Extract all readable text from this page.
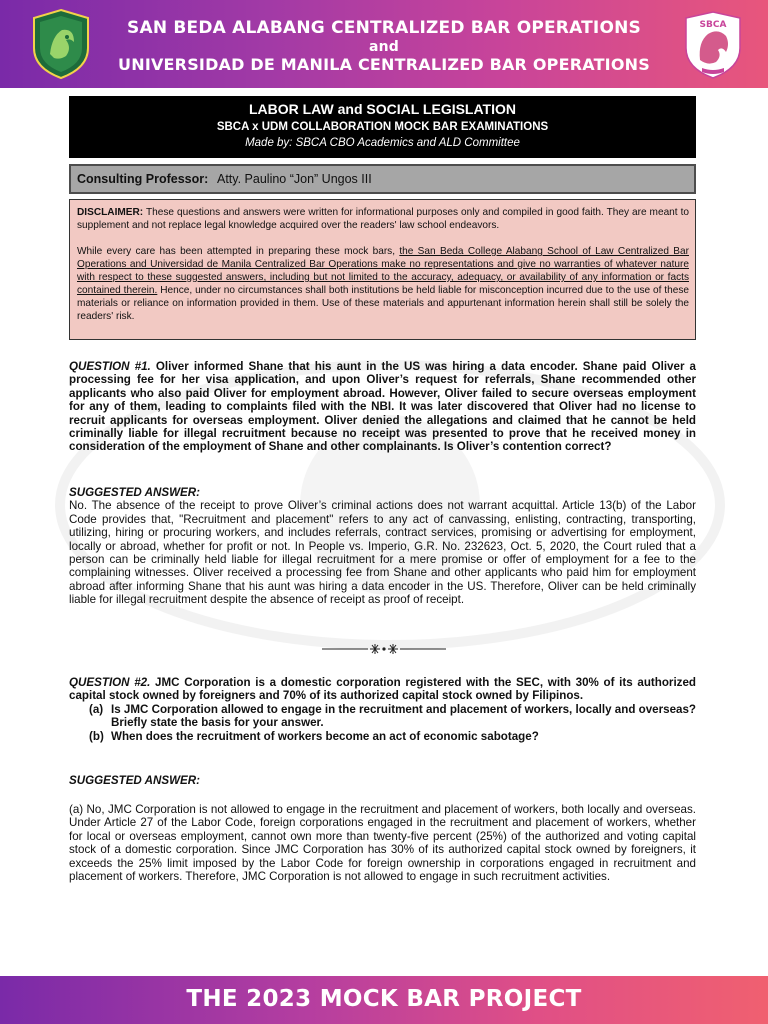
SAN BEDA ALABANG CENTRALIZED BAR OPERATIONS
and
UNIVERSIDAD DE MANILA CENTRALIZED BAR OPERATIONS
SBCA
LABOR LAW and SOCIAL LEGISLATION
SBCA x UDM COLLABORATION MOCK BAR EXAMINATIONS
Made by: SBCA CBO Academics and ALD Committee
Consulting Professor: Atty. Paulino “Jon” Ungos III

DISCLAIMER: These questions and answers were written for informational purposes only and compiled in good faith. They are meant to supplement and not replace legal knowledge acquired over the readers' law school endeavors.

While every care has been attempted in preparing these mock bars, the San Beda College Alabang School of Law Centralized Bar Operations and Universidad de Manila Centralized Bar Operations make no representations and give no warranties of whatever nature with respect to these suggested answers, including but not limited to the accuracy, adequacy, or availability of any information or facts contained therein. Hence, under no circumstances shall both institutions be held liable for misconception incurred due to the use of these materials or reliance on information provided in them. Use of these materials and appurtenant information herein shall still be solely the readers' risk.

QUESTION #1. Oliver informed Shane that his aunt in the US was hiring a data encoder. Shane paid Oliver a processing fee for her visa application, and upon Oliver’s request for referrals, Shane recommended other applicants who also paid Oliver for employment abroad. However, Oliver failed to secure overseas employment for any of them, leading to complaints filed with the NBI. It was later discovered that Oliver had no license to recruit applicants for overseas employment. Oliver denied the allegations and claimed that he cannot be held criminally liable for illegal recruitment because no receipt was presented to prove that he received money in consideration of the employment of Shane and other complainants. Is Oliver’s contention correct?
SUGGESTED ANSWER:
No. The absence of the receipt to prove Oliver’s criminal actions does not warrant acquittal. Article 13(b) of the Labor Code provides that, "Recruitment and placement" refers to any act of canvassing, enlisting, contracting, transporting, utilizing, hiring or procuring workers, and includes referrals, contract services, promising or advertising for employment, locally or abroad, whether for profit or not. In People vs. Imperio, G.R. No. 232623, Oct. 5, 2020, the Court ruled that a person can be criminally held liable for illegal recruitment for a mere promise or offer of employment for a fee to the complaining witnesses. Oliver received a processing fee from Shane and other applicants who paid him for employment abroad after informing Shane that his aunt was hiring a data encoder in the US. Therefore, Oliver can be held criminally liable for illegal recruitment despite the absence of receipt as proof of receipt.
QUESTION #2. JMC Corporation is a domestic corporation registered with the SEC, with 30% of its authorized capital stock owned by foreigners and 70% of its authorized capital stock owned by Filipinos.
(a) Is JMC Corporation allowed to engage in the recruitment and placement of workers, locally and overseas? Briefly state the basis for your answer.
(b) When does the recruitment of workers become an act of economic sabotage?
SUGGESTED ANSWER:
(a) No, JMC Corporation is not allowed to engage in the recruitment and placement of workers, both locally and overseas. Under Article 27 of the Labor Code, foreign corporations engaged in the recruitment and placement of workers, whether for local or overseas employment, cannot own more than twenty-five percent (25%) of the authorized and voting capital stock of a domestic corporation. Since JMC Corporation has 30% of its authorized capital stock owned by foreigners, it exceeds the 25% limit imposed by the Labor Code for foreign ownership in corporations engaged in recruitment and placement of workers. Therefore, JMC Corporation is not allowed to engage in such recruitment activities.
THE 2023 MOCK BAR PROJECT
